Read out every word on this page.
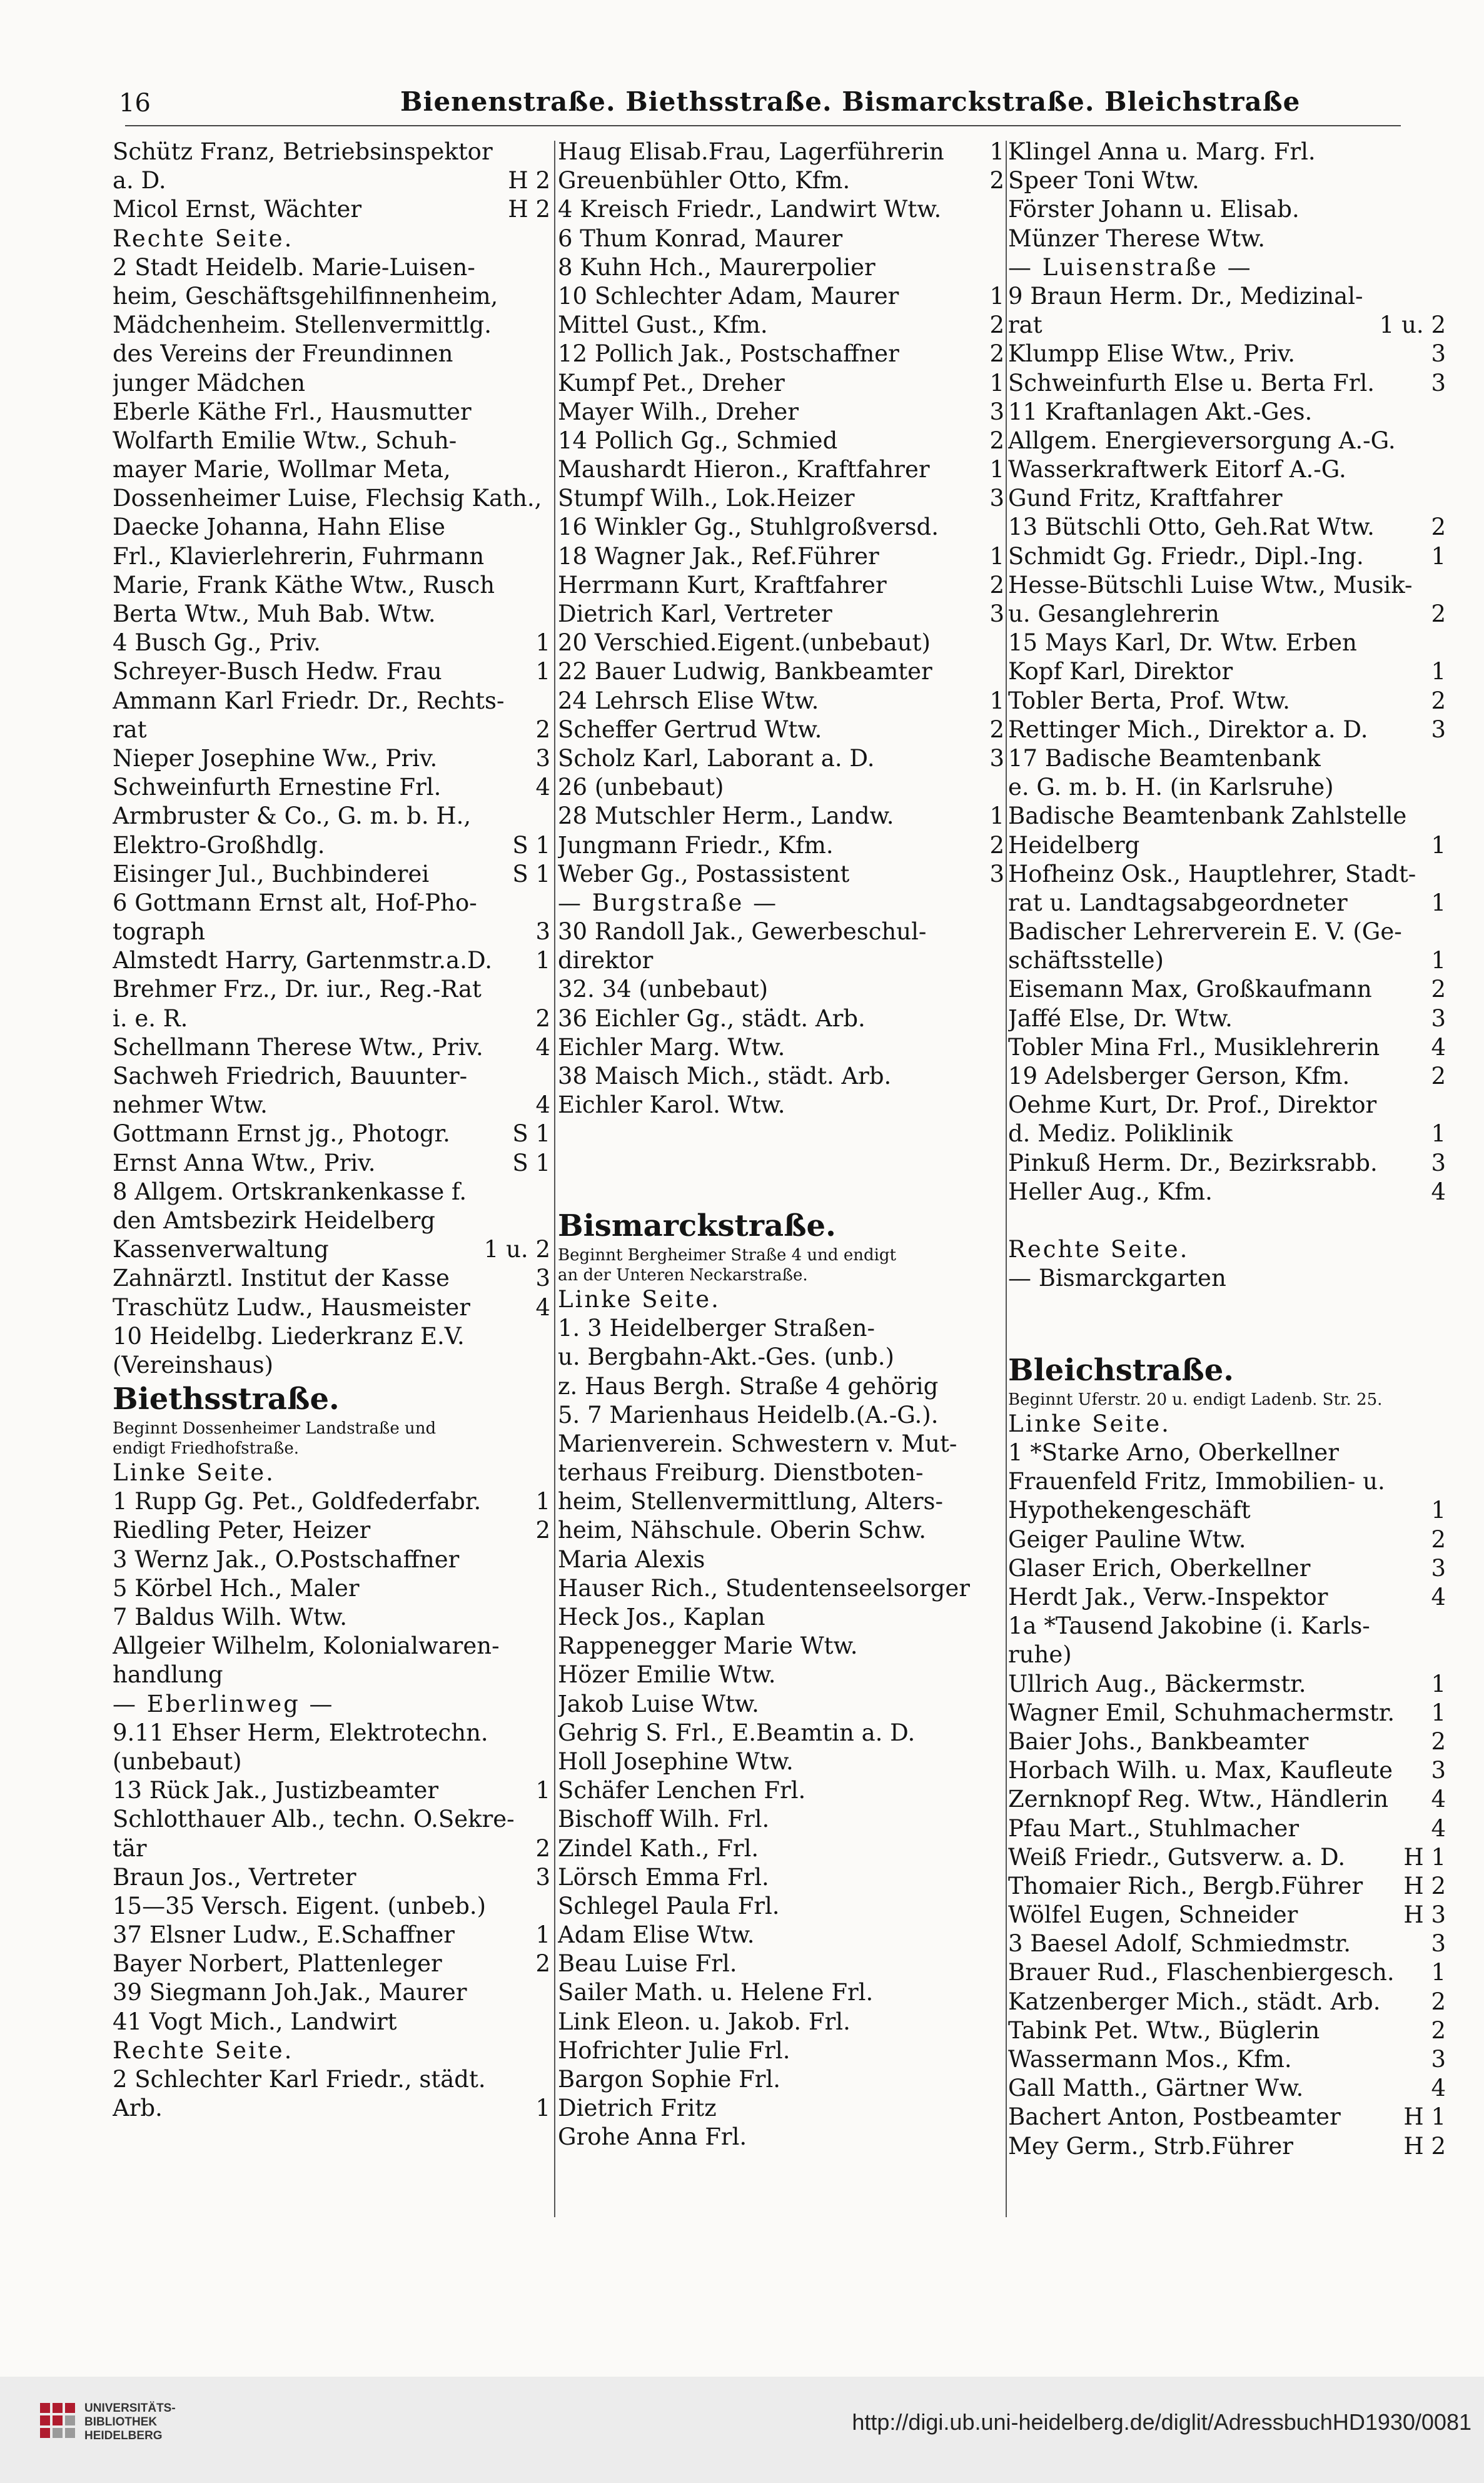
16	Bienenstraße. Biethsstraße. Bismarckstraße. Bleichstraße
Schütz Franz, Betriebsinspektor
a. D.	H 2
Micol Ernst, Wächter	H 2
Rechte Seite.
2 Stadt Heidelb. Marie-Luisen-
heim, Geschäftsgehilfinnenheim,
Mädchenheim. Stellenvermittlg.
des Vereins der Freundinnen
junger Mädchen
Eberle Käthe Frl., Hausmutter
Wolfarth Emilie Wtw., Schuh-
mayer Marie, Wollmar Meta,
Dossenheimer Luise, Flechsig Kath.,
Daecke Johanna, Hahn Elise
Frl., Klavierlehrerin, Fuhrmann
Marie, Frank Käthe Wtw., Rusch
Berta Wtw., Muh Bab. Wtw.
4 Busch Gg., Priv.	1
Schreyer-Busch Hedw. Frau	1
Ammann Karl Friedr. Dr., Rechts-
rat	2
Nieper Josephine Ww., Priv.	3
Schweinfurth Ernestine Frl.	4
Armbruster & Co., G. m. b. H.,
Elektro-Großhdlg.	S 1
Eisinger Jul., Buchbinderei	S 1
6 Gottmann Ernst alt, Hof-Pho-
tograph	3
Almstedt Harry, Gartenmstr.a.D.	1
Brehmer Frz., Dr. iur., Reg.-Rat
i. e. R.	2
Schellmann Therese Wtw., Priv.	4
Sachweh Friedrich, Bauunter-
nehmer Wtw.	4
Gottmann Ernst jg., Photogr.	S 1
Ernst Anna Wtw., Priv.	S 1
8 Allgem. Ortskrankenkasse f.
den Amtsbezirk Heidelberg
Kassenverwaltung	1 u. 2
Zahnärztl. Institut der Kasse	3
Traschütz Ludw., Hausmeister	4
10 Heidelbg. Liederkranz E.V.
(Vereinshaus)
Biethsstraße.
Beginnt Dossenheimer Landstraße und
endigt Friedhofstraße.
Linke Seite.
1 Rupp Gg. Pet., Goldfederfabr.	1
Riedling Peter, Heizer	2
3 Wernz Jak., O.Postschaffner
5 Körbel Hch., Maler
7 Baldus Wilh. Wtw.
Allgeier Wilhelm, Kolonialwaren-
handlung
— Eberlinweg —
9.11 Ehser Herm, Elektrotechn.
(unbebaut)
13 Rück Jak., Justizbeamter	1
Schlotthauer Alb., techn. O.Sekre-
tär	2
Braun Jos., Vertreter	3
15—35 Versch. Eigent. (unbeb.)
37 Elsner Ludw., E.Schaffner	1
Bayer Norbert, Plattenleger	2
39 Siegmann Joh.Jak., Maurer
41 Vogt Mich., Landwirt
Rechte Seite.
2 Schlechter Karl Friedr., städt.
Arb.	1
Haug Elisab.Frau, Lagerführerin	1
Greuenbühler Otto, Kfm.	2
4 Kreisch Friedr., Landwirt Wtw.
6 Thum Konrad, Maurer
8 Kuhn Hch., Maurerpolier
10 Schlechter Adam, Maurer	1
Mittel Gust., Kfm.	2
12 Pollich Jak., Postschaffner	2
Kumpf Pet., Dreher	1
Mayer Wilh., Dreher	3
14 Pollich Gg., Schmied	2
Maushardt Hieron., Kraftfahrer	1
Stumpf Wilh., Lok.Heizer	3
16 Winkler Gg., Stuhlgroßversd.
18 Wagner Jak., Ref.Führer	1
Herrmann Kurt, Kraftfahrer	2
Dietrich Karl, Vertreter	3
20 Verschied.Eigent.(unbebaut)
22 Bauer Ludwig, Bankbeamter
24 Lehrsch Elise Wtw.	1
Scheffer Gertrud Wtw.	2
Scholz Karl, Laborant a. D.	3
26 (unbebaut)
28 Mutschler Herm., Landw.	1
Jungmann Friedr., Kfm.	2
Weber Gg., Postassistent	3
— Burgstraße —
30 Randoll Jak., Gewerbeschul-
direktor
32. 34 (unbebaut)
36 Eichler Gg., städt. Arb.
Eichler Marg. Wtw.
38 Maisch Mich., städt. Arb.
Eichler Karol. Wtw.
Bismarckstraße.
Beginnt Bergheimer Straße 4 und endigt
an der Unteren Neckarstraße.
Linke Seite.
1. 3 Heidelberger Straßen-
u. Bergbahn-Akt.-Ges. (unb.)
z. Haus Bergh. Straße 4 gehörig
5. 7 Marienhaus Heidelb.(A.-G.).
Marienverein. Schwestern v. Mut-
terhaus Freiburg. Dienstboten-
heim, Stellenvermittlung, Alters-
heim, Nähschule. Oberin Schw.
Maria Alexis
Hauser Rich., Studentenseelsorger
Heck Jos., Kaplan
Rappenegger Marie Wtw.
Hözer Emilie Wtw.
Jakob Luise Wtw.
Gehrig S. Frl., E.Beamtin a. D.
Holl Josephine Wtw.
Schäfer Lenchen Frl.
Bischoff Wilh. Frl.
Zindel Kath., Frl.
Lörsch Emma Frl.
Schlegel Paula Frl.
Adam Elise Wtw.
Beau Luise Frl.
Sailer Math. u. Helene Frl.
Link Eleon. u. Jakob. Frl.
Hofrichter Julie Frl.
Bargon Sophie Frl.
Dietrich Fritz
Grohe Anna Frl.
Klingel Anna u. Marg. Frl.
Speer Toni Wtw.
Förster Johann u. Elisab.
Münzer Therese Wtw.
— Luisenstraße —
9 Braun Herm. Dr., Medizinal-
rat	1 u. 2
Klumpp Elise Wtw., Priv.	3
Schweinfurth Else u. Berta Frl.	3
11 Kraftanlagen Akt.-Ges.
Allgem. Energieversorgung A.-G.
Wasserkraftwerk Eitorf A.-G.
Gund Fritz, Kraftfahrer
13 Bütschli Otto, Geh.Rat Wtw.	2
Schmidt Gg. Friedr., Dipl.-Ing.	1
Hesse-Bütschli Luise Wtw., Musik-
u. Gesanglehrerin	2
15 Mays Karl, Dr. Wtw. Erben
Kopf Karl, Direktor	1
Tobler Berta, Prof. Wtw.	2
Rettinger Mich., Direktor a. D.	3
17 Badische Beamtenbank
e. G. m. b. H. (in Karlsruhe)
Badische Beamtenbank Zahlstelle
Heidelberg	1
Hofheinz Osk., Hauptlehrer, Stadt-
rat u. Landtagsabgeordneter	1
Badischer Lehrerverein E. V. (Ge-
schäftsstelle)	1
Eisemann Max, Großkaufmann	2
Jaffé Else, Dr. Wtw.	3
Tobler Mina Frl., Musiklehrerin	4
19 Adelsberger Gerson, Kfm.	2
Oehme Kurt, Dr. Prof., Direktor
d. Mediz. Poliklinik	1
Pinkuß Herm. Dr., Bezirksrabb.	3
Heller Aug., Kfm.	4
Rechte Seite.
— Bismarckgarten
Bleichstraße.
Beginnt Uferstr. 20 u. endigt Ladenb. Str. 25.
Linke Seite.
1 *Starke Arno, Oberkellner
Frauenfeld Fritz, Immobilien- u.
Hypothekengeschäft	1
Geiger Pauline Wtw.	2
Glaser Erich, Oberkellner	3
Herdt Jak., Verw.-Inspektor	4
1a *Tausend Jakobine (i. Karls-
ruhe)
Ullrich Aug., Bäckermstr.	1
Wagner Emil, Schuhmachermstr.	1
Baier Johs., Bankbeamter	2
Horbach Wilh. u. Max, Kaufleute	3
Zernknopf Reg. Wtw., Händlerin	4
Pfau Mart., Stuhlmacher	4
Weiß Friedr., Gutsverw. a. D.	H 1
Thomaier Rich., Bergb.Führer	H 2
Wölfel Eugen, Schneider	H 3
3 Baesel Adolf, Schmiedmstr.	3
Brauer Rud., Flaschenbiergesch.	1
Katzenberger Mich., städt. Arb.	2
Tabink Pet. Wtw., Büglerin	2
Wassermann Mos., Kfm.	3
Gall Matth., Gärtner Ww.	4
Bachert Anton, Postbeamter	H 1
Mey Germ., Strb.Führer	H 2
UNIVERSITÄTS-
BIBLIOTHEK
HEIDELBERG
http://digi.ub.uni-heidelberg.de/diglit/AdressbuchHD1930/0081
